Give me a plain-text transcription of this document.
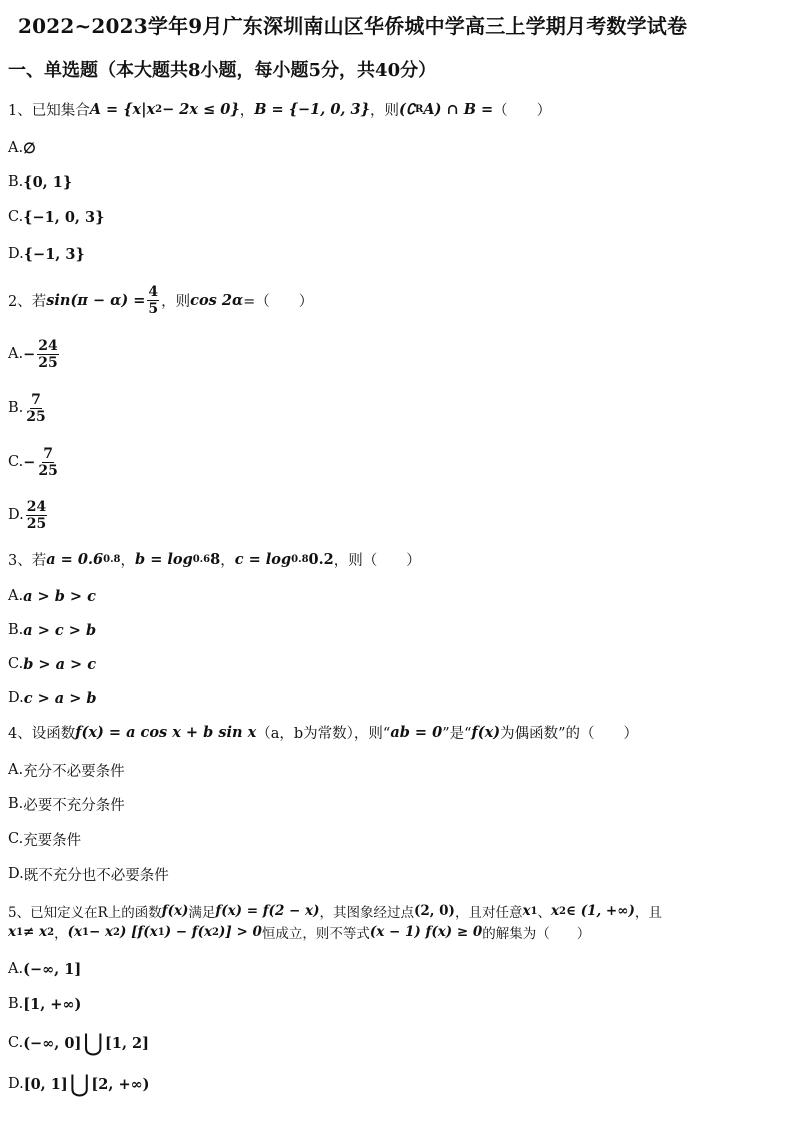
2022~2023学年9月广东深圳南山区华侨城中学高三上学期月考数学试卷
一、单选题（本大题共8小题，每小题5分，共40分）
1、已知集合 A = {x|x 2 − 2x ≤ 0} ， B = {−1, 0, 3} ，则 (∁ R A) ∩ B = （　　）
A. ∅
B. {0, 1}
C. {−1, 0, 3}
D. {−1, 3}
2、若 $\sin(\pi - \alpha) = \frac{4}{5}$ ，则 cos 2α =（　　）
A. − $\frac{24}{25}$
B. $\frac{7}{25}$
C. − $\frac{7}{25}$
D. $\frac{24}{25}$
3、若 a = 0.6 0.8 ， b = log 0.6 8 ， c = log 0.8 0.2 ，则（　　）
A. a > b > c
B. a > c > b
C. b > a > c
D. c > a > b
4、设函数 f(x) = a cos x + b sin x （a，b为常数），则“ ab = 0 ”是“ f(x) 为偶函数”的（　　）
A. 充分不必要条件
B. 必要不充分条件
C. 充要条件
D. 既不充分也不必要条件
5、已知定义在R上的函数 f(x) 满足 f(x) = f(2 − x) ，其图象经过点 (2, 0) ，且对任意 x 1 、 x 2 ∈ (1, +∞) ，且
x 1 ≠ x 2 ， (x 1 − x 2 ) [f(x 1 ) − f(x 2 )] > 0 恒成立，则不等式 (x − 1) f(x) ≥ 0 的解集为（　　）
A. (−∞, 1]
B. [1, +∞)
C. (−∞, 0] ⋃ [1, 2]
D. [0, 1] ⋃ [2, +∞)
